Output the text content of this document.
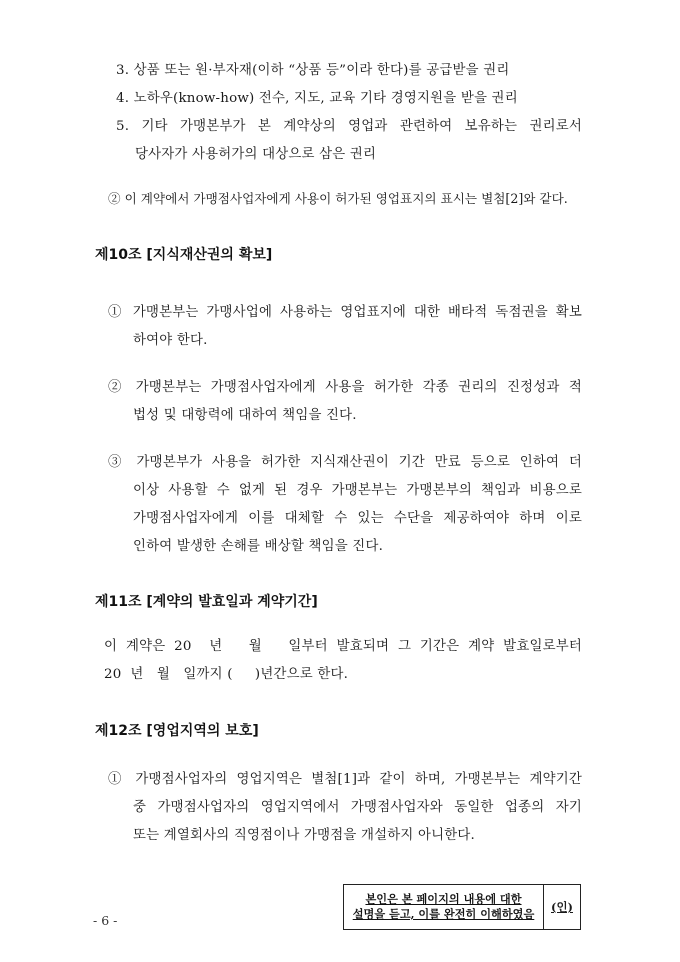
3. 상품 또는 원·부자재(이하 “상품 등”이라 한다)를 공급받을 권리
4. 노하우(know-how) 전수, 지도, 교육 기타 경영지원을 받을 권리
5. 기타 가맹본부가 본 계약상의 영업과 관련하여 보유하는 권리로서
당사자가 사용허가의 대상으로 삼은 권리
② 이 계약에서 가맹점사업자에게 사용이 허가된 영업표지의 표시는 별첨[2]와 같다.
제10조 [지식재산권의 확보]
① 가맹본부는 가맹사업에 사용하는 영업표지에 대한 배타적 독점권을 확보
하여야 한다.
② 가맹본부는 가맹점사업자에게 사용을 허가한 각종 권리의 진정성과 적
법성 및 대항력에 대하여 책임을 진다.
③ 가맹본부가 사용을 허가한 지식재산권이 기간 만료 등으로 인하여 더
이상 사용할 수 없게 된 경우 가맹본부는 가맹본부의 책임과 비용으로
가맹점사업자에게 이를 대체할 수 있는 수단을 제공하여야 하며 이로
인하여 발생한 손해를 배상할 책임을 진다.
제11조 [계약의 발효일과 계약기간]
이 계약은 20  년   월   일부터 발효되며 그 기간은 계약 발효일로부터
20  년   월   일까지 (     )년간으로 한다.
제12조 [영업지역의 보호]
① 가맹점사업자의 영업지역은 별첨[1]과 같이 하며, 가맹본부는 계약기간
중 가맹점사업자의 영업지역에서 가맹점사업자와 동일한 업종의 자기
또는 계열회사의 직영점이나 가맹점을 개설하지 아니한다.
- 6 -
본인은 본 페이지의 내용에 대한
설명을 듣고, 이를 완전히 이해하였음 (인)
